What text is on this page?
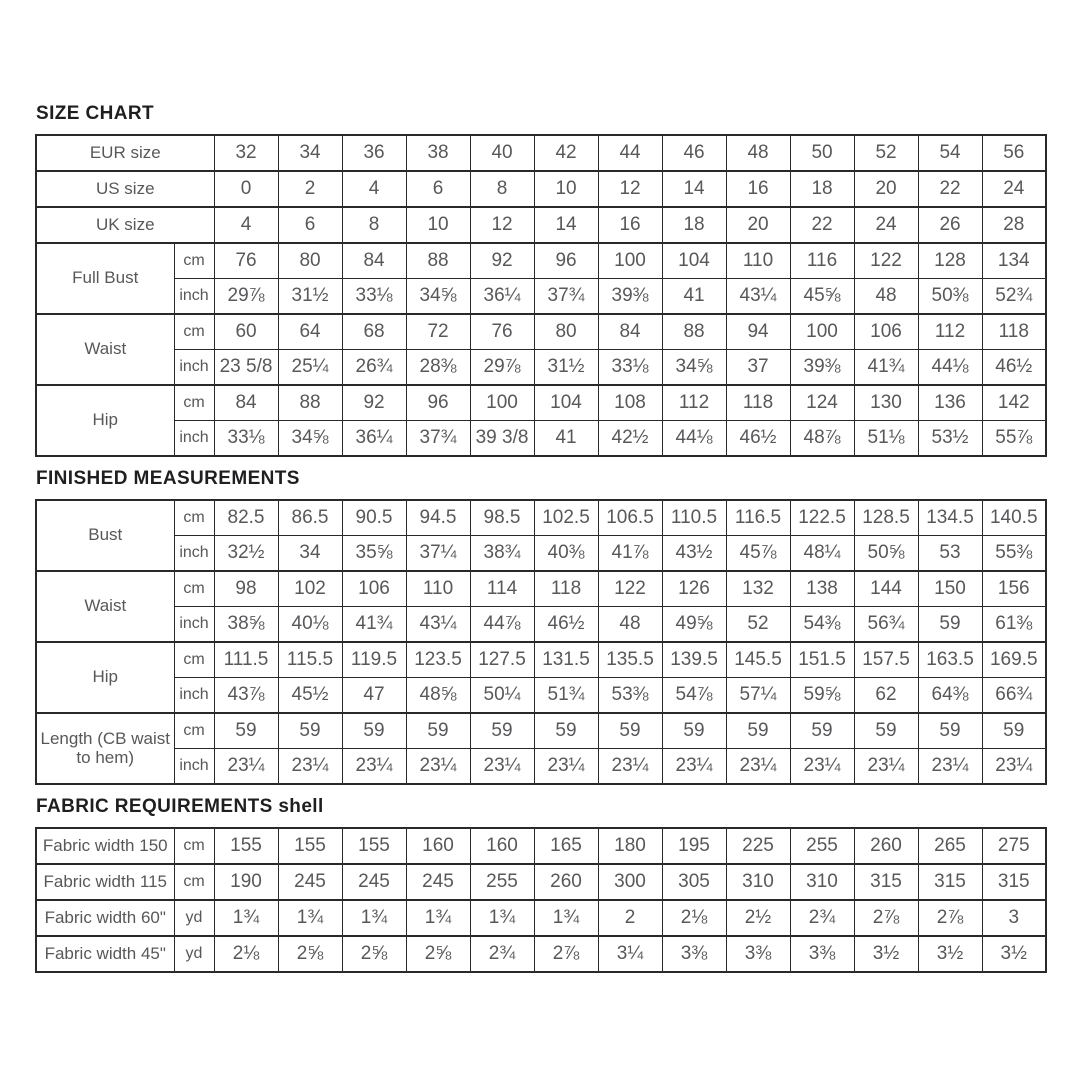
SIZE CHART
EUR size		32	34	36	38	40	42	44	46	48	50	52	54	56
US size		0	2	4	6	8	10	12	14	16	18	20	22	24
UK size		4	6	8	10	12	14	16	18	20	22	24	26	28
Full Bust	cm	76	80	84	88	92	96	100	104	110	116	122	128	134
	inch	29⅞	31½	33⅛	34⅝	36¼	37¾	39⅜	41	43¼	45⅝	48	50⅜	52¾
Waist	cm	60	64	68	72	76	80	84	88	94	100	106	112	118
	inch	23 5/8	25¼	26¾	28⅜	29⅞	31½	33⅛	34⅝	37	39⅜	41¾	44⅛	46½
Hip	cm	84	88	92	96	100	104	108	112	118	124	130	136	142
	inch	33⅛	34⅝	36¼	37¾	39 3/8	41	42½	44⅛	46½	48⅞	51⅛	53½	55⅞
FINISHED MEASUREMENTS
Bust	cm	82.5	86.5	90.5	94.5	98.5	102.5	106.5	110.5	116.5	122.5	128.5	134.5	140.5
	inch	32½	34	35⅝	37¼	38¾	40⅜	41⅞	43½	45⅞	48¼	50⅝	53	55⅜
Waist	cm	98	102	106	110	114	118	122	126	132	138	144	150	156
	inch	38⅝	40⅛	41¾	43¼	44⅞	46½	48	49⅝	52	54⅜	56¾	59	61⅜
Hip	cm	111.5	115.5	119.5	123.5	127.5	131.5	135.5	139.5	145.5	151.5	157.5	163.5	169.5
	inch	43⅞	45½	47	48⅝	50¼	51¾	53⅜	54⅞	57¼	59⅝	62	64⅜	66¾
Length (CB waist to hem)	cm	59	59	59	59	59	59	59	59	59	59	59	59	59
	inch	23¼	23¼	23¼	23¼	23¼	23¼	23¼	23¼	23¼	23¼	23¼	23¼	23¼
FABRIC REQUIREMENTS shell
Fabric width 150	cm	155	155	155	160	160	165	180	195	225	255	260	265	275
Fabric width 115	cm	190	245	245	245	255	260	300	305	310	310	315	315	315
Fabric width 60"	yd	1¾	1¾	1¾	1¾	1¾	1¾	2	2⅛	2½	2¾	2⅞	2⅞	3
Fabric width 45"	yd	2⅛	2⅝	2⅝	2⅝	2¾	2⅞	3¼	3⅜	3⅜	3⅜	3½	3½	3½
